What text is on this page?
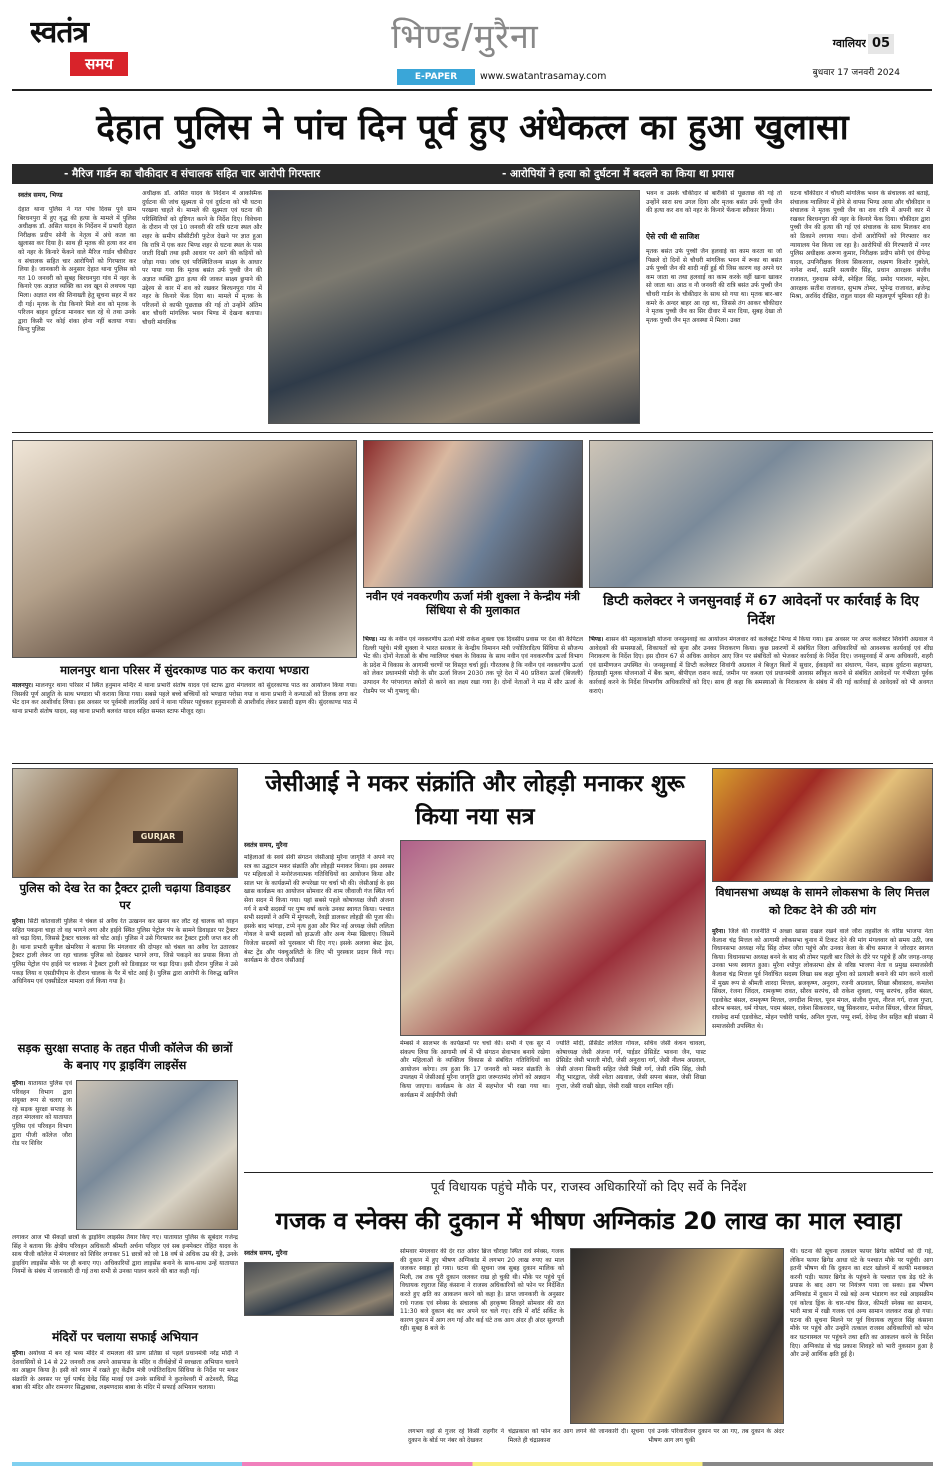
स्वतंत्र
समय
भिण्ड/मुरैना
E-PAPER	www.swatantrasamay.com
ग्वालियर 05
बुधवार 17 जनवरी 2024
देहात पुलिस ने पांच दिन पूर्व हुए अंधेकत्ल का हुआ खुलासा
- मैरिज गार्डन का चौकीदार व संचालक सहित चार आरोपी गिरफ्तार	- आरोपियों ने हत्या को दुर्घटना में बदलने का किया था प्रयास
स्वतंत्र समय, भिण्ड
देहात थाना पुलिस ने गत पांच दिवस पूर्व ग्राम बिरधनपुरा में हुए वृद्ध की हत्या के मामले में पुलिस अधीक्षक डॉ. असित यादव के निर्देशन में प्रभारी देहात निरीक्षक प्रदीप सोनी के नेतृत्व में अंधे कत्ल का खुलासा कर दिया है। साथ ही मृतक की हत्या कर शव को नहर के किनारे फेंकने वाले मैरिज गार्डन चौकीदार व संचालक सहित चार आरोपियों को गिरफ्तार कर लिया है। जानकारी के अनुसार देहात थाना पुलिस को गत 10 जनवरी को सुबह बिरधनपुरा गांव में नहर के किनारे एक अज्ञात व्यक्ति का शव खून से लथपथ पड़ा मिला। अज्ञात शव की शिनाख्ती हेतु सूचना सहर में कर दी गई। मृतक के रोड किनारे मिले शव को मृतक के परिजन बाहन दुर्घटना मानकर चल रहे थे तथा उनके द्वारा किसी पर कोई शंका होना नहीं बताया गया। किन्तु पुलिस
अधीक्षक डॉ. असित यादव के निर्देशन में आकस्मिक दुर्घटना की जांच सूक्ष्मता से एवं दुर्घटना को भी घटना परखना चाहते थे। मामले की सूक्ष्मता एवं घटना की परिस्थितियों को दृष्टिगत करने के निर्देश दिए। विवेचना के दौरान नौ एवं 10 जनवरी की रात्रि घटना स्थल और शहर के समीप सीसीटीवी फुटेज देखने पर ज्ञात हुआ कि रात्रि में एक कार भिण्ड शहर से घटना स्थल के पास जाती दिखी तथा इसी आधार पर आगे की कड़ियों को जोड़ा गया। जांच एवं परिस्थितिजन्य साक्ष्य के आधार पर पाया गया कि मृतक बसंत उर्फ पुच्ची जैन की अज्ञात व्यक्ति द्वारा हत्या की जाकर साक्ष्य छुपाने की उद्देश्य से कार में शव को रखकर बिरधनपुरा गांव में नहर के किनारे फेंक दिया था। मामले में मृतक के परिजनों से काफी पूछताछ की गई तो उन्होंने अंतिम बार चौधरी मांगलिक भवन भिण्ड में देखना बताया। चौधरी मांगलिक
भवन व उसके चौकीदार से बारीकी से पूछताछ की गई तो उन्होंने सारा सच उगल दिया और मृतक बसंत उर्फ पुच्ची जैन की हत्या कर शव को नहर के किनारे फेंकना स्वीकार किया।
ऐसे रची थी साजिश
मृतक बसंत उर्फ पुच्ची जैन हलवाई का काम करता था जो पिछले दो दिनों से चौधरी मांगलिक भवन में रूका था बसंत उर्फ पुच्ची जैन की शादी नहीं हुई थी जिस कारण वह अपने घर कम जाता था तथा हलवाई का काम करके वहीं खाना खाकर सो जाता था। आठ व नौ जनवरी की रात्रि बसंत उर्फ पुच्ची जैन चौधरी गार्डन के चौकीदार के साथ सो गया था। मृतक बार-बार कमरे के अन्दर बाहर आ रहा था, जिससे तंग आकर चौकीदार ने मृतक पुच्ची जैन का सिर दीवार में मार दिया, सुबह देखा तो मृतक पुच्ची जैन मृत अवस्था में मिला। उक्त
घटना चौकीदार ने चौधरी मांगलिक भवन के संचालक को बताई, संचालक ग्वालियर में होने से वापस भिण्ड आया और चौकीदार व संचालक ने मृतक पुच्ची जैन का शव रात्रि में अपनी कार में रखकर बिरधनपुरा की नहर के किनारे फेंक दिया। चौकीदार द्वारा पुच्ची जैन की हत्या की गई एवं संचालक के साथ मिलकर शव को ठिकाने लगाया गया। दोनों आरोपियों को गिरफ्तार कर न्यायालय पेश किया जा रहा है। आरोपियों की गिरफ्तारी में नगर पुलिस अधीक्षक अरूण कुमार, निरीक्षक प्रदीप सोनी एवं दीपेन्द्र यादव, उपनिरीक्षक विजय सिकरवार, लक्ष्मण किशोर गुबरेले, नागेश शर्मा, सउनि सत्यवीर सिंह, प्रधान आरक्षक संजीव राजावत, गुरुदास सोनी, स्नेहिल सिंह, प्रमोद पाराशर, महेश, आरक्षक सतीश राजावत, सुभाष तोमर, भूपेन्द्र राजावत, ब्रजेन्द्र मिश्रा, अरविंद दीक्षित, राहुल यादव की महत्वपूर्ण भूमिका रही है।
मालनपुर थाना परिसर में सुंदरकाण्ड पाठ कर कराया भण्डारा
मालनपुर। मालनपुर थाना परिसर में स्थित हनुमान मन्दिर में थाना प्रभारी संतोष यादव एवं स्टाफ द्वारा मंगलवार को सुंदरकाण्ड पाठ का आयोजन किया गया। जिसकी पूर्ण आहुति के साथ भण्डारा भी कराया किया गया। सबसे पहले बच्चे बच्चियों को भण्डारा परोसा गया व थाना प्रभारी ने कन्याओं को तिलक लगा कर भेंट दान कर आशीर्वाद लिया। इस अवसर पर पूर्वमंत्री लालसिंह आर्य ने थाना परिसर पहुंचकर हनुमानजी से आशीर्वाद लेकर प्रसादी ग्रहण की। सुंदरकाण्ड पाठ में थाना प्रभारी संतोष यादव, सह थाना प्रभारी बलवंत यादव सहित समस्त स्टाफ मौजूद रहा।
नवीन एवं नवकरणीय ऊर्जा मंत्री शुक्ला ने केन्द्रीय मंत्री सिंधिया से की मुलाकात
भिण्ड। मप्र के नवीन एवं नवकरणीय ऊर्जा मंत्री राकेश शुक्ला एक दिवसीय प्रवास पर देश की कैपिटल दिल्ली पहुंचे। मंत्री शुक्ला ने भारत सरकार के केन्द्रीय विमानन मंत्री ज्योतिरादित्य सिंधिया से सौजन्य भेंट की। दोनों नेताओं के बीच ग्वालियर चंबल के विकास के साथ नवीन एवं नवकरणीय ऊर्जा विभाग के प्रदेश में विकास के आगामी चरणों पर विस्तृत चर्चा हुई। गौरतलब है कि नवीन एवं नवकरणीय ऊर्जा को लेकर प्रधानमंत्री मोदी के सौर ऊर्जा विजन 2030 तक पूरे देश में 40 प्रतिशत ऊर्जा (बिजली) उत्पादन गैर परंपरागत स्त्रोतों से करने का लक्ष्य रखा गया है। दोनों नेताओं ने मप्र में सौर ऊर्जा के रोडमैप पर भी गुफ्तगू की।
डिप्टी कलेक्टर ने जनसुनवाई में 67 आवेदनों पर कार्रवाई के दिए निर्देश
भिण्ड। शासन की महत्वाकांक्षी योजना जनसुनवाई का आयोजन मंगलवार को कलेक्ट्रेट भिण्ड में किया गया। इस अवसर पर अपर कलेक्टर शिवांगी अग्रवाल ने आवेदकों की समस्याओं, शिकायतों को सुना और उनका निराकरण किया। कुछ प्रकरणों में संबंधित जिला अधिकारियों को आवश्यक कार्यवाई एवं शीघ्र निराकरण के निर्देश दिए। इस दौरान 67 से अधिक आवेदन आए जिन पर संबंधितों को भेजकर कार्रवाई के निर्देश दिए। जनसुनवाई में अन्य अधिकारी, शहरी एवं ग्रामीणजन उपस्थित थे। जनसुनवाई में डिप्टी कलेक्टर शिवांगी अग्रवाल ने बिजुत बिलों में सुधार, ईकाइयों का संधारण, पेंशन, सड़क दुर्घटना सहायता, हितग्राही मूलक योजनाओं में बैंक ऋण, बीपीएल राशन कार्ड, जमीन पर कब्जा एवं प्रधानमंत्री आवास स्वीकृत कराने से संबंधित आवेदनों पर गंभीरता पूर्वक कार्रवाई करने के निर्देश विभागीय अधिकारियों को दिए। साथ ही कहा कि समस्याओं के निराकरण के संबंध में की गई कार्रवाई से आवेदकों को भी अवगत कराएं।
GURJAR
पुलिस को देख रेत का ट्रैक्टर ट्राली चढ़ाया डिवाइडर पर
मुरैना। सिटी कोतवाली पुलिस ने चंबल से अवैध रेत उत्खनन कर खनन कर लौट रहे चालक को वाहन सहित पकड़ना चाहा तो वह भागने लगा और हाईवे स्थित पुलिस पेट्रोल पंप के सामने डिवाइडर पर ट्रैक्टर को चढ़ा दिया, जिससे ट्रैक्टर चालक को चोट आई। पुलिस ने उसे गिरफ्तार कर ट्रैक्टर ट्राली जप्त कर ली है। थाना प्रभारी सुनील खेमरिया ने बताया कि मंगलवार की दोपहर को चंबल का अवैध रेत उतारकर ट्रैक्टर ट्राली लेकर जा रहा चालक पुलिस को देखकर भागने लगा, जिसे पकड़ने का प्रयास किया तो पुलिस पेट्रोल पंप हाईवे पर चालक ने ट्रैक्टर ट्राली को डिवाइडर पर चढ़ा दिया। इसी दौरान पुलिस ने उसे पकड़ लिया व एसडीपीएम के दौरान चालक के पैर में चोट आई है। पुलिस द्वारा आरोपी के विरुद्ध खनिज अधिनियम एवं एक्सीडेंटल मामला दर्ज किया गया है।
सड़क सुरक्षा सप्ताह के तहत पीजी कॉलेज की छात्रों के बनाए गए ड्राइविंग लाइसेंस
मुरैना। यातायात पुलिस एवं परिवहन विभाग द्वारा संयुक्त रूप से चलाए जा रहे सड़क सुरक्षा सप्ताह के तहत मंगलवार को यातायात पुलिस एवं परिवहन विभाग द्वारा पीजी कॉलेज जौरा रोड पर शिविर
लगाकर आज भी सैकड़ों छात्रों के ड्राइविंग लाइसेंस तैयार किए गए। यातायात पुलिस के सूबेदार गजेन्द्र सिंह ने बताया कि क्षेत्रीय परिवहन अधिकारी श्रीमती अर्चना परिहार एवं सब इन्स्पेक्टर रोहित यादव के साथ पीजी कॉलेज में मंगलवार को शिविर लगाकर 51 छात्रों को जो 18 वर्ष से अधिक उम्र की है, उनके ड्राइविंग लाइसेंस मौके पर ही बनाए गए। अधिकारियों द्वारा लाइसेंस बनाने के साथ-साथ उन्हें यातायात नियमों के संबंध में जानकारी दी गई तथा सभी से उनका पालन करने की बात कही गई।
मंदिरों पर चलाया सफाई अभियान
मुरैना। अयोध्या में बन रहे भव्य मंदिर में रामलला की प्राण प्रतिष्ठा से पहले प्रधानमंत्री नरेंद्र मोदी ने देशवासियों से 14 से 22 जनवरी तक अपने आसपास के मंदिर व तीर्थक्षेत्रों में स्वच्छता अभियान चलाने का आह्वान किया है। इसी को ध्यान में रखते हुए केंद्रीय मंत्री ज्योतिरादित्य सिंधिया के निर्देश पर मकर संक्रांति के अवसर पर पूर्व पार्षद देवेंद्र सिंह मावई एवं उनके साथियों ने कुतवेश्वरी में अटेश्वरी, सिद्ध बाबा की मंदिर और रामनगर सिद्धबाबा, लक्ष्मणदास बाबा के मंदिर में सफाई अभियान चलाया।
जेसीआई ने मकर संक्रांति और लोहड़ी मनाकर शुरू किया नया सत्र
स्वतंत्र समय, मुरैना
महिलाओं के स्वयं सेवी संगठन जेसीआई मुरैना जागृति ने अपने नए सत्र का उद्घाटन मकर संक्रांति और लोहड़ी मनाकर किया। इस अवसर पर महिलाओं ने मनोरंजनात्मक गतिविधियों का आयोजन किया और साल भर के कार्यक्रमों की रूपरेखा पर चर्चा भी की। जेसीआई के इस खास कार्यक्रम का आयोजन सोमवार की शाम जीवाजी गंज स्थित गर्ग सेवा सदन में किया गया। यहां सबसे पहले कोषाध्यक्ष जेसी अंजना गर्ग ने सभी सदस्यों पर पुष्प वर्षा करके उनका स्वागत किया। पश्चात सभी सदस्यों ने अग्नि में मूंगफली, रेवड़ी डालकर लोहड़ी की पूजा की। इसके बाद भांगड़ा, टप्पे नृत्य हुआ और फिर नई अध्यक्ष जेसी ललिता गोयल ने सभी सदस्यों को हाऊजी और अन्य गेम्स खिलाए। जिसमें विजेता सदस्यों को पुरस्कार भी दिए गए। इसके अलावा बेस्ट ड्रेस, बेस्ट ट्रेंड और पंक्चुअलिटी के लिए भी पुरस्कार प्रदान किये गए। कार्यक्रम के दौरान जेसीआई
मेम्बर्स ने सालभर के कार्यक्रमों पर चर्चा की। सभी ने एक सुर में संकल्प लिया कि आगामी वर्ष में भी संगठन सेवाभाव बनाये रखेगा और महिलाओं के व्यक्तित्व विकास से संबंधित गतिविधियों का आयोजन करेगा। तय हुआ कि 17 जनवरी को मकर संक्रांति के उपलक्ष्य में जेसीआई मुरैना जागृति द्वारा जरूरतमंद लोगों को अन्नदान किया जाएगा। कार्यक्रम के अंत में सहभोज भी रखा गया था। कार्यक्रम में आईपीपी जेसी
ज्योति मोदी, प्रेसिडेंट ललिता गोयल, सचिव जेसी कंचन चावला, कोषाध्यक्ष जेसी अंजना गर्ग, पाईडर प्रेसिडेंट भावना जैन, पास्ट प्रेसिडेंट जेसी भारती मोदी, जेसी अनुराधा गर्ग, जेसी नीलम अग्रवाल, जेसी अंजना सिकरी सहित जेसी मिन्नी गर्ग, जेसी रश्मि सिंह, जेसी नीतू भारद्वाज, जेसी श्वेता अग्रवाल, जेसी सपना बंसल, जेसी शिखा गुप्ता, जेसी राखी खेड़ा, जेसी राखी यादव शामिल रहीं।
विधानसभा अध्यक्ष के सामने लोकसभा के लिए मित्तल को टिकट देने की उठी मांग
मुरैना। जिले की राजनीति में अच्छा खासा दखल रखने वाले जौरा तहसील के वरिष्ठ भाजपा नेता कैलाश चंद्र मित्तल को आगामी लोकसभा चुनाव में टिकट देने की मांग मंगलवार को समय उठी, जब विधानसभा अध्यक्ष नरेंद्र सिंह तोमर जौरा पहुंचे और उनका केला के बीच समाज ने जोरदार स्वागत किया। विधानसभा अध्यक्ष बनने के बाद श्री तोमर पहली बार जिले के दौरे पर पहुंचे हैं और जगह-जगह उनका भव्य स्वागत हुआ। मुरैना श्योपुर लोकसभा क्षेत्र से वरिष्ठ भाजपा नेता व प्रमुख समाजसेवी कैलाश चंद्र मित्तल पूर्व निर्वाचित सदस्य लिखा सब कहा मुरैना को प्रत्याशी बनाने की मांग करने वालों में मुख्य रूप से श्रीमती शारदा मित्तल, ब्रजकृष्ण, अनुराग, रजनी अग्रवाल, शिखा श्रीवास्तव, कमलेश सिंघल, रंजना जिंदल, रामकृष्ण रावत, सौरव सरपंच, सौ राकेश शुक्ला, पप्पू सरपंच, हरीश बंसल, एडवोकेट बंसल, रामकृष्ण मित्तल, जगदीश मित्तल, पूरन मंगल, संजीव गुप्ता, नीरज गर्ग, राजा गुप्ता, सौरभ बन्सल, धर्म गोयल, पदम बंसल, राकेश सिकरवार, धन्नू सिकरवार, मनोज सिंघल, धीरज सिंघल, राघवेन्द्र शर्मा एडवोकेट, मोहन पचौरी पार्षद, अनिल गुप्ता, पप्पू शर्मा, देवेन्द्र जैन सहित बड़ी संख्या में समाजसेवी उपस्थित थे।
पूर्व विधायक पहुंचे मौके पर, राजस्व अधिकारियों को दिए सर्वे के निर्देश
गजक व स्नेक्स की दुकान में भीषण अग्निकांड 20 लाख का माल स्वाहा
स्वतंत्र समय, मुरैना	सोमवार मंगलवार की देर रात ओवर ब्रिज चौराहा स्थित राधे स्नेक्स, गजक की दुकान में हुए भीषण अग्निकांड में लगभग 20 लाख रुपए का माल जलकर स्वाहा हो गया। घटना की सूचना जब सुबह दुकान मालिक को मिली, तब तक पूरी दुकान जलकर राख हो चुकी थी। मौके पर पहुंचे पूर्व विधायक रघुराज सिंह कंसाना ने राजस्व अधिकारियों को फोन पर निर्देशित करते हुए क्षति का आकलन करने को कहा है। प्राप्त जानकारी के अनुसार राधे गजक एवं स्नेक्स के संचालक श्री हरकृष्ण शिवहरे सोमवार की रात 11:30 बजे दुकान बंद कर अपने घर चले गए। रात्रि में शॉर्ट सर्किट के कारण दुकान में आग लग गई और कई घंटे तक आग अंदर ही अंदर सुलगती रही। सुबह 8 बजे के
लगभग वहां से गुजर रहे किसी राहगीर ने दुकान के बोर्ड पर नंबर को देखकर
चंद्रप्रकाश को फोन कर आग लगने की जानकारी दी। सूचना मिलते ही चंद्रप्रकाश
एवं उनके परिवारीजन दुकान पर आ गए, तब दुकान के अंदर भीषण आग लग चुकी
थी। घटना की सूचना तत्काल फायर ब्रिगेड कर्मियों को दी गई, लेकिन फायर ब्रिगेड आधा घंटे के पश्चात मौके पर पहुंची। आग इतनी भीषण थी कि दुकान का शटर खोलने में काफी मशक्कत करनी पड़ी। फायर ब्रिगेड के पहुंचने के पश्चात एक डेढ़ घंटे के प्रयास के बाद आग पर नियंत्रण पाया जा सका। इस भीषण अग्निकांड में दुकान में रखे बड़े अन्य भंडारण कर रखे आइसक्रीम एवं कोल्ड ड्रिंक के चार-पांच फ्रिज, कीमती स्नेक्स का सामान, भारी मात्रा में रखी गजक एवं अन्य सामान जलकर राख हो गया। घटना की सूचना मिलने पर पूर्व विधायक रघुराज सिंह कंसाना मौके पर पहुंचे और उन्होंने तत्काल राजस्व अधिकारियों को फोन कर घटनास्थल पर पहुंचने तथा क्षति का आकलन करने के निर्देश दिए। अग्निकांड से चंद्र प्रकाश शिवहरे को भारी नुकसान हुआ है और उन्हें आर्थिक क्षति हुई है।
